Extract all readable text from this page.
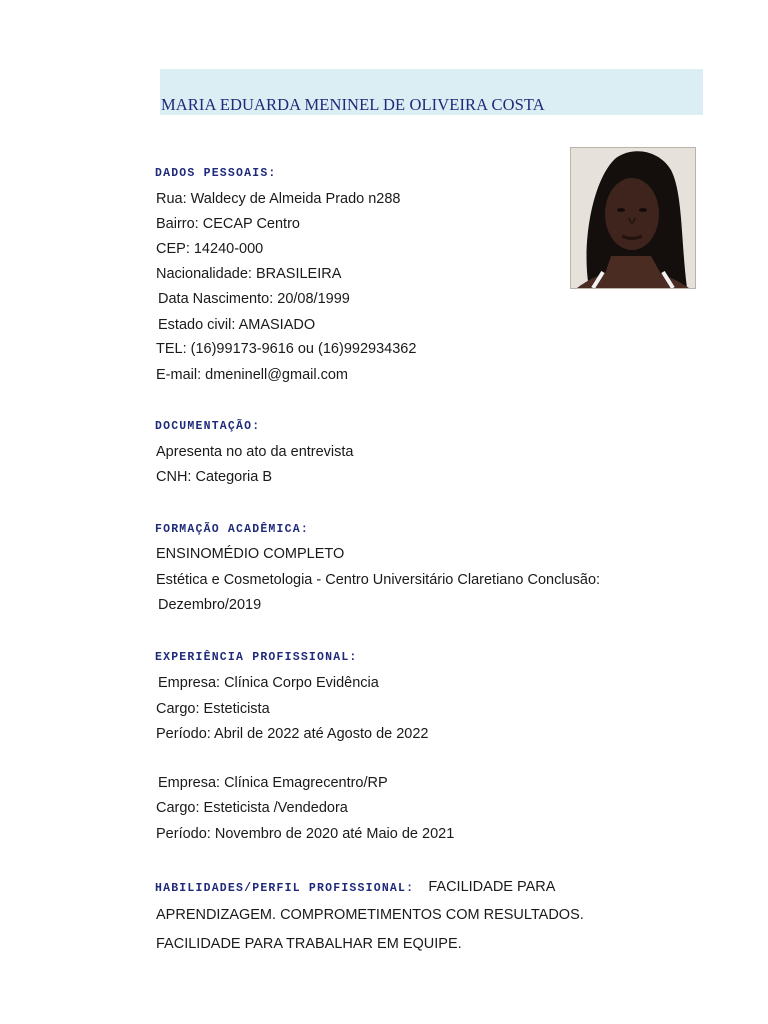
MARIA EDUARDA MENINEL DE OLIVEIRA COSTA
DADOS PESSOAIS:
Rua: Waldecy de Almeida Prado n288
Bairro: CECAP Centro
CEP: 14240-000
Nacionalidade: BRASILEIRA
Data Nascimento: 20/08/1999
Estado civil: AMASIADO
TEL: (16)99173-9616 ou (16)992934362
E-mail: dmeninell@gmail.com
DOCUMENTAÇÃO:
Apresenta no ato da entrevista
CNH: Categoria B
FORMAÇÃO ACADÊMICA:
ENSINOMÉDIO COMPLETO
Estética e Cosmetologia - Centro Universitário Claretiano Conclusão:
Dezembro/2019
EXPERIÊNCIA PROFISSIONAL:
Empresa: Clínica Corpo Evidência
Cargo: Esteticista
Período: Abril de 2022 até Agosto de 2022
Empresa: Clínica Emagrecentro/RP
Cargo: Esteticista /Vendedora
Período: Novembro de 2020 até Maio de 2021
HABILIDADES/PERFIL PROFISSIONAL: FACILIDADE PARA
APRENDIZAGEM. COMPROMETIMENTOS COM RESULTADOS.
FACILIDADE PARA TRABALHAR EM EQUIPE.
